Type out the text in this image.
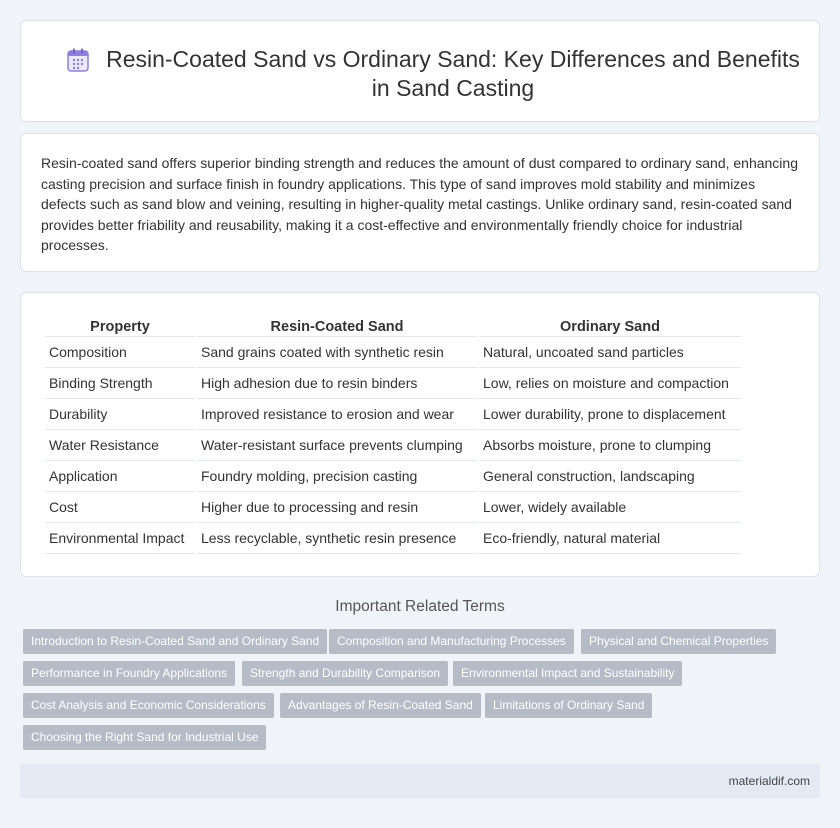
Resin-Coated Sand vs Ordinary Sand: Key Differences and Benefits in Sand Casting

Resin-coated sand offers superior binding strength and reduces the amount of dust compared to ordinary sand, enhancing casting precision and surface finish in foundry applications. This type of sand improves mold stability and minimizes defects such as sand blow and veining, resulting in higher-quality metal castings. Unlike ordinary sand, resin-coated sand provides better friability and reusability, making it a cost-effective and environmentally friendly choice for industrial processes.

Property	Resin-Coated Sand	Ordinary Sand
Composition	Sand grains coated with synthetic resin	Natural, uncoated sand particles
Binding Strength	High adhesion due to resin binders	Low, relies on moisture and compaction
Durability	Improved resistance to erosion and wear	Lower durability, prone to displacement
Water Resistance	Water-resistant surface prevents clumping	Absorbs moisture, prone to clumping
Application	Foundry molding, precision casting	General construction, landscaping
Cost	Higher due to processing and resin	Lower, widely available
Environmental Impact	Less recyclable, synthetic resin presence	Eco-friendly, natural material
Important Related Terms
Introduction to Resin-Coated Sand and Ordinary Sand	Composition and Manufacturing Processes	Physical and Chemical Properties
Performance in Foundry Applications	Strength and Durability Comparison	Environmental Impact and Sustainability
Cost Analysis and Economic Considerations	Advantages of Resin-Coated Sand	Limitations of Ordinary Sand
Choosing the Right Sand for Industrial Use
materialdif.com
